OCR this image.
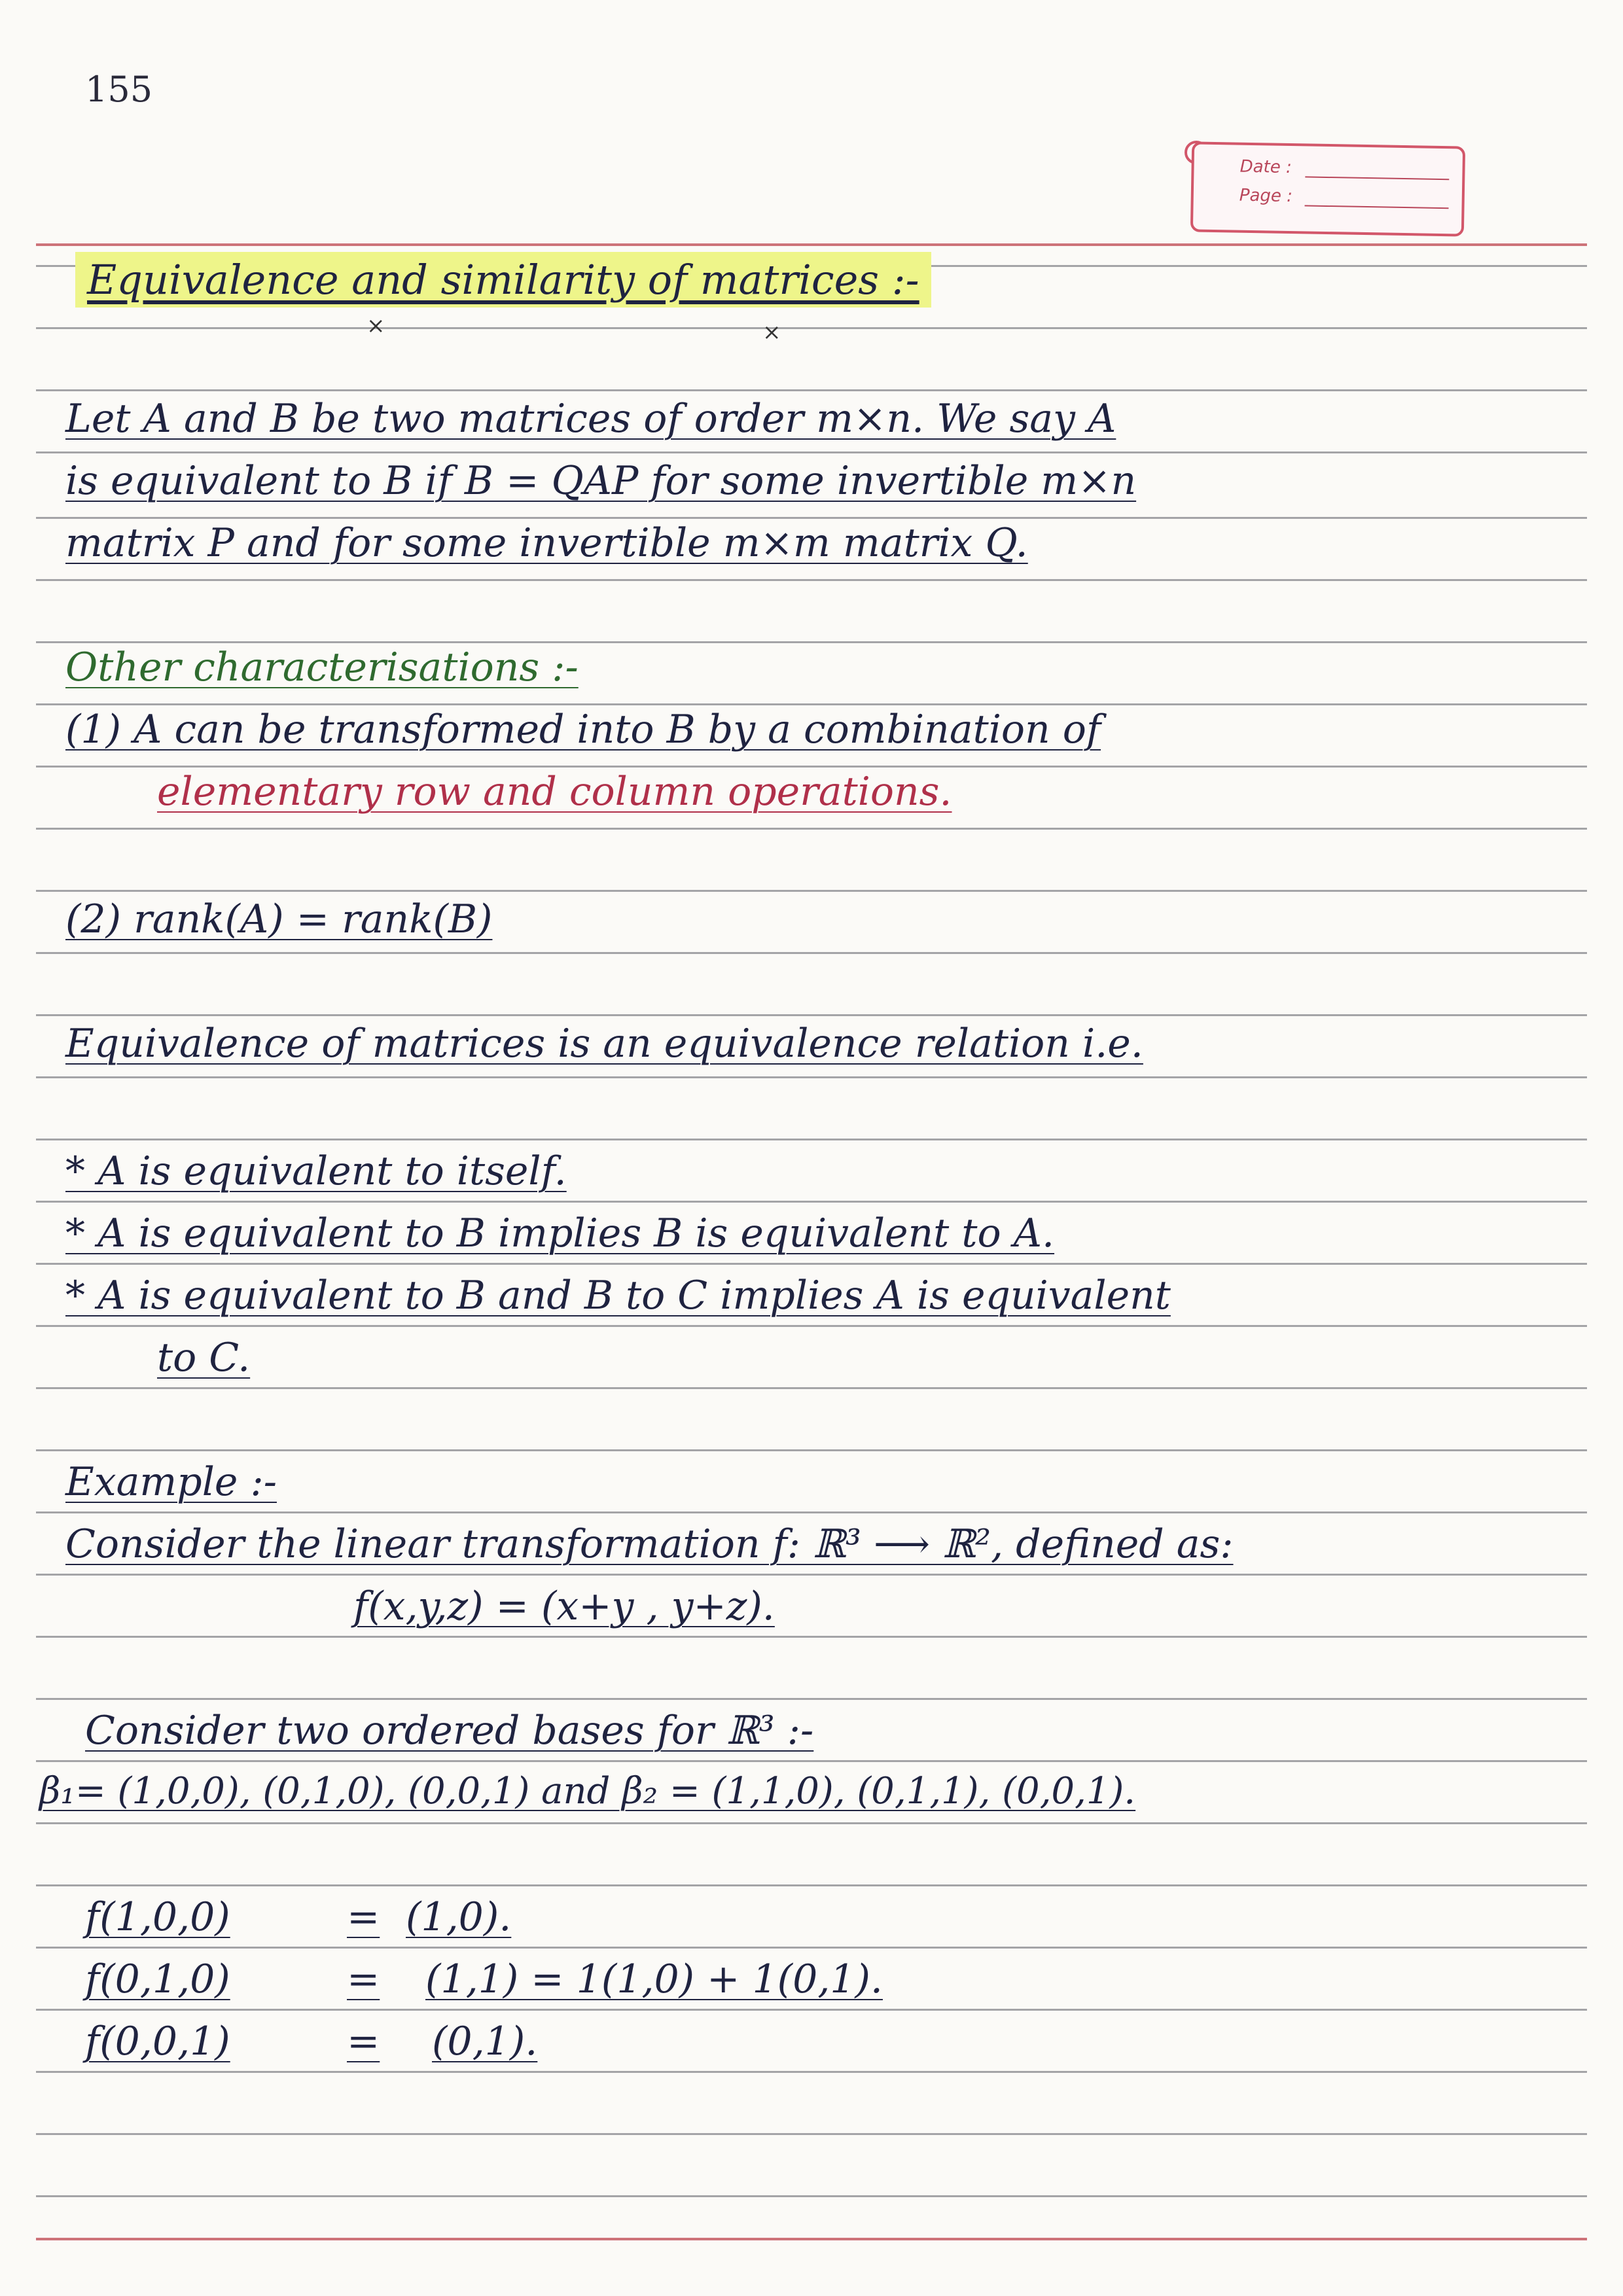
155
Date :
Page :
Equivalence and similarity of matrices :-
×	×
Let A and B be two matrices of order m×n. We say A
is equivalent to B if B = QAP for some invertible m×n
matrix P and for some invertible m×m matrix Q.
Other characterisations :-
(1) A can be transformed into B by a combination of
elementary row and column operations.
(2) rank(A) = rank(B)
Equivalence of matrices is an equivalence relation i.e.
* A is equivalent to itself.
* A is equivalent to B implies B is equivalent to A.
* A is equivalent to B and B to C implies A is equivalent
to C.
Example :-
Consider the linear transformation f: ℝ³ ⟶ ℝ², defined as:
f(x,y,z) = (x+y , y+z).
Consider two ordered bases for ℝ³ :-
β₁= (1,0,0), (0,1,0), (0,0,1) and β₂ = (1,1,0), (0,1,1), (0,0,1).
f(1,0,0)	= (1,0).
f(0,1,0)	= (1,1) = 1(1,0) + 1(0,1).
f(0,0,1)	= (0,1).
